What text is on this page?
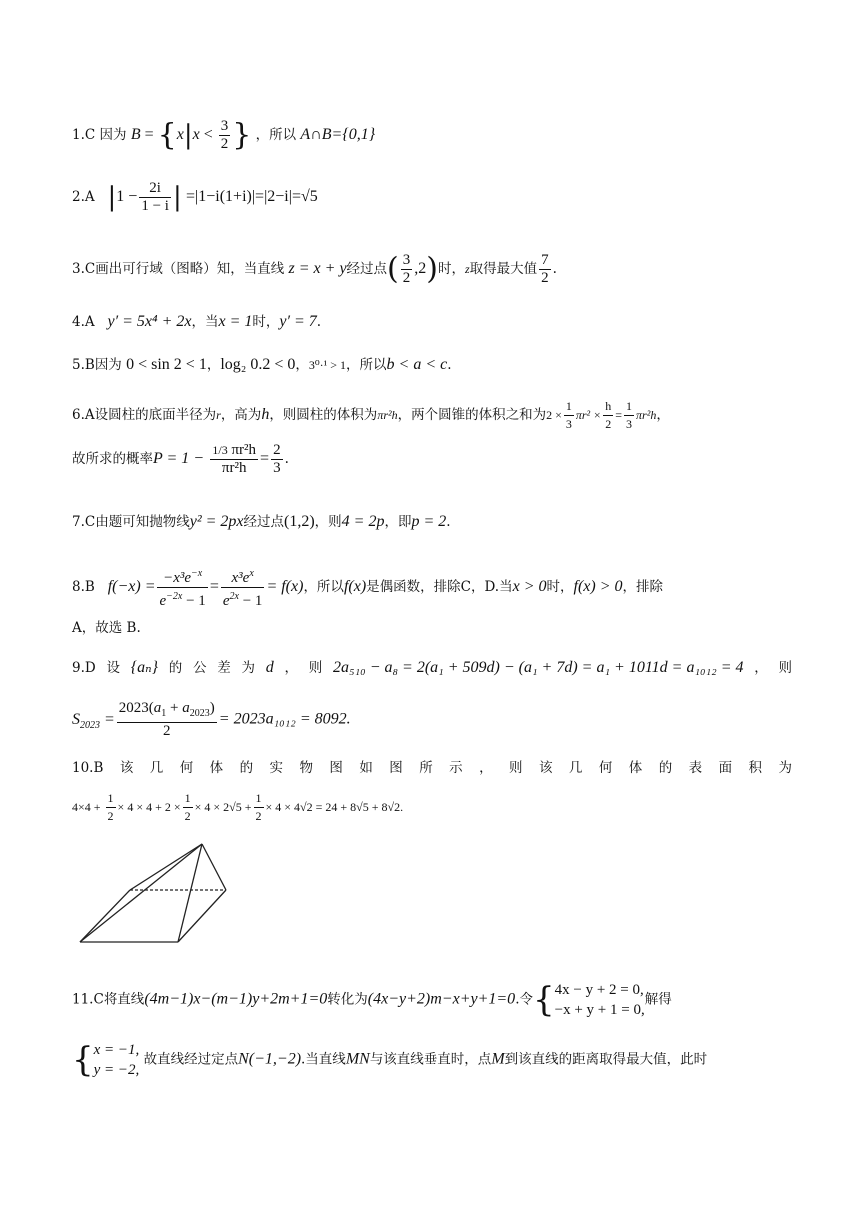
1.C 因为 $B = \{x|x < \frac{3}{2}$ } ，所以 A∩B={0,1}
2.A $|1 - \frac{2i}{1 - i}$ | =|1−i(1+i)|=|2−i|=√5
3.C画出可行域（图略）知，当直线 z = x + y经过点( $\frac{3}{2} ,2$)时，z取得最大值 $\frac{7}{2}$ .
4.A y′ = 5x⁴ + 2x，当x = 1时，y′ = 7.
5.B因为 0 < sin 2 < 1，log₂ 0.2 < 0，3⁰·¹ > 1，所以b < a < c.
6.A设圆柱的底面半径为r，高为h，则圆柱的体积为πr²h，两个圆锥的体积之和为$2 \times \frac{1}{3} \pi r^2 \times \frac{h}{2} = \frac{1}{3} \pi r^2h$，
故所求的概率$P = 1 - \frac{\text{1/3 πr²h}}{\text{πr²h}} = \frac{2}{3}$ .
7.C由题可知抛物线y² = 2px经过点(1,2)，则4 = 2p，即p = 2.
8.B $f(-x) = \frac{-x^3e^{-x}}{e^{-2x} - 1} = \frac{x^3e^x}{e^{2x} - 1} = f(x)$，所以f(x)是偶函数，排除C，D.当x > 0时，f(x) > 0，排除
A，故选 B.
9.D 设 {aₙ} 的 公 差 为 d ， 则 2a₅₁₀ − a₈ = 2(a₁ + 509d) − (a₁ + 7d) = a₁ + 1011d = a₁₀₁₂ = 4 ， 则
$S_{2023} = \frac{2023(a_1 + a_{2023})}{2} = 2023a_{1012} = 8092$.
10.B 该 几 何 体 的 实 物 图 如 图 所 示 ， 则 该 几 何 体 的 表 面 积 为
$4\times 4 + \frac{1}{2} \times 4 \times 4 + 2 \times \frac{1}{2} \times 4 \times 2√5 + \frac{1}{2} \times 4 \times 4√2 = 24 + 8√5 + 8√2$.
11.C将直线(4m−1)x−(m−1)y+2m+1=0转化为(4x−y+2)m−x+y+1=0.令{4x − y + 2 = 0,
−x + y + 1 = 0,解得
{x = −1,
y = −2, 故直线经过定点N(−1,−2).当直线MN与该直线垂直时，点M到该直线的距离取得最大值，此时
